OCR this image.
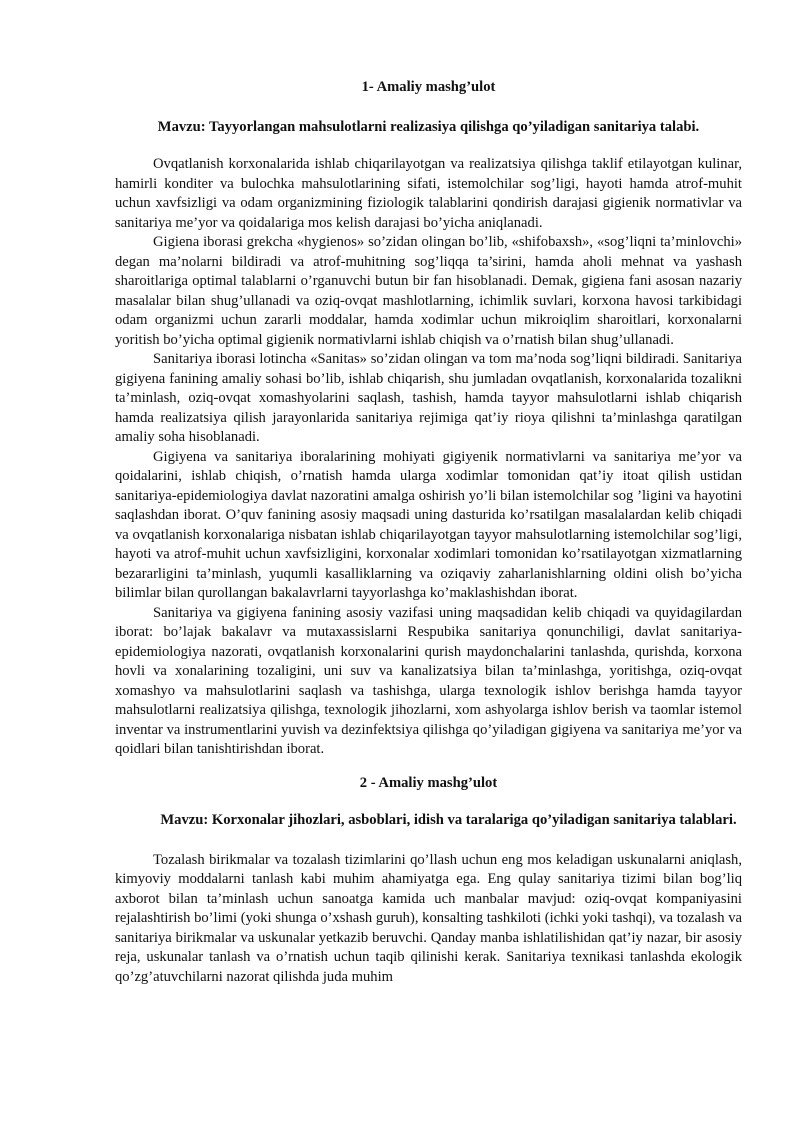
1- Amaliy mashg’ulot

Mavzu: Tayyorlangan mahsulotlarni realizasiya qilishga qo’yiladigan sanitariya talabi.

Ovqatlanish korxonalarida ishlab chiqarilayotgan va realizatsiya qilishga taklif etilayotgan kulinar, hamirli konditer va bulochka mahsulotlarining sifati, istemolchilar sog’ligi, hayoti hamda atrof-muhit uchun xavfsizligi va odam organizmining fiziologik talablarini qondirish darajasi gigienik normativlar va sanitariya me’yor va qoidalariga mos kelish darajasi bo’yicha aniqlanadi.

Gigiena iborasi grekcha «hygienos» so’zidan olingan bo’lib, «shifobaxsh», «sog’liqni ta’minlovchi» degan ma’nolarni bildiradi va atrof-muhitning sog’liqqa ta’sirini, hamda aholi mehnat va yashash sharoitlariga optimal talablarni o’rganuvchi butun bir fan hisoblanadi. Demak, gigiena fani asosan nazariy masalalar bilan shug’ullanadi va oziq-ovqat mashlotlarning, ichimlik suvlari, korxona havosi tarkibidagi odam organizmi uchun zararli moddalar, hamda xodimlar uchun mikroiqlim sharoitlari, korxonalarni yoritish bo’yicha optimal gigienik normativlarni ishlab chiqish va o’rnatish bilan shug’ullanadi.

Sanitariya iborasi lotincha «Sanitas» so’zidan olingan va tom ma’noda sog’liqni bildiradi. Sanitariya gigiyena fanining amaliy sohasi bo’lib, ishlab chiqarish, shu jumladan ovqatlanish, korxonalarida tozalikni ta’minlash, oziq-ovqat xomashyolarini saqlash, tashish, hamda tayyor mahsulotlarni ishlab chiqarish hamda realizatsiya qilish jarayonlarida sanitariya rejimiga qat’iy rioya qilishni ta’minlashga qaratilgan amaliy soha hisoblanadi.

Gigiyena va sanitariya iboralarining mohiyati gigiyenik normativlarni va sanitariya me’yor va qoidalarini, ishlab chiqish, o’rnatish hamda ularga xodimlar tomonidan qat’iy itoat qilish ustidan sanitariya-epidemiologiya davlat nazoratini amalga oshirish yo’li bilan istemolchilar sog ’ligini va hayotini saqlashdan iborat. O’quv fanining asosiy maqsadi uning dasturida ko’rsatilgan masalalardan kelib chiqadi va ovqatlanish korxonalariga nisbatan ishlab chiqarilayotgan tayyor mahsulotlarning istemolchilar sog’ligi, hayoti va atrof-muhit uchun xavfsizligini, korxonalar xodimlari tomonidan ko’rsatilayotgan xizmatlarning bezararligini ta’minlash, yuqumli kasalliklarning va oziqaviy zaharlanishlarning oldini olish bo’yicha bilimlar bilan qurollangan bakalavrlarni tayyorlashga ko’maklashishdan iborat.

Sanitariya va gigiyena fanining asosiy vazifasi uning maqsadidan kelib chiqadi va quyidagilardan iborat: bo’lajak bakalavr va mutaxassislarni Respubika sanitariya qonunchiligi, davlat sanitariya-epidemiologiya nazorati, ovqatlanish korxonalarini qurish maydonchalarini tanlashda, qurishda, korxona hovli va xonalarining tozaligini, uni suv va kanalizatsiya bilan ta’minlashga, yoritishga, oziq-ovqat xomashyo va mahsulotlarini saqlash va tashishga, ularga texnologik ishlov berishga hamda tayyor mahsulotlarni realizatsiya qilishga, texnologik jihozlarni, xom ashyolarga ishlov berish va taomlar istemol inventar va instrumentlarini yuvish va dezinfektsiya qilishga qo’yiladigan gigiyena va sanitariya me’yor va qoidlari bilan tanishtirishdan iborat.

2 - Amaliy mashg’ulot

Mavzu: Korxonalar jihozlari, asboblari, idish va taralariga qo’yiladigan sanitariya talablari.

Tozalash birikmalar va tozalash tizimlarini qo’llash uchun eng mos keladigan uskunalarni aniqlash, kimyoviy moddalarni tanlash kabi muhim ahamiyatga ega. Eng qulay sanitariya tizimi bilan bog’liq axborot bilan ta’minlash uchun sanoatga kamida uch manbalar mavjud: oziq-ovqat kompaniyasini rejalashtirish bo’limi (yoki shunga o’xshash guruh), konsalting tashkiloti (ichki yoki tashqi), va tozalash va sanitariya birikmalar va uskunalar yetkazib beruvchi. Qanday manba ishlatilishidan qat’iy nazar, bir asosiy reja, uskunalar tanlash va o’rnatish uchun taqib qilinishi kerak. Sanitariya texnikasi tanlashda ekologik qo’zg’atuvchilarni nazorat qilishda juda muhim
